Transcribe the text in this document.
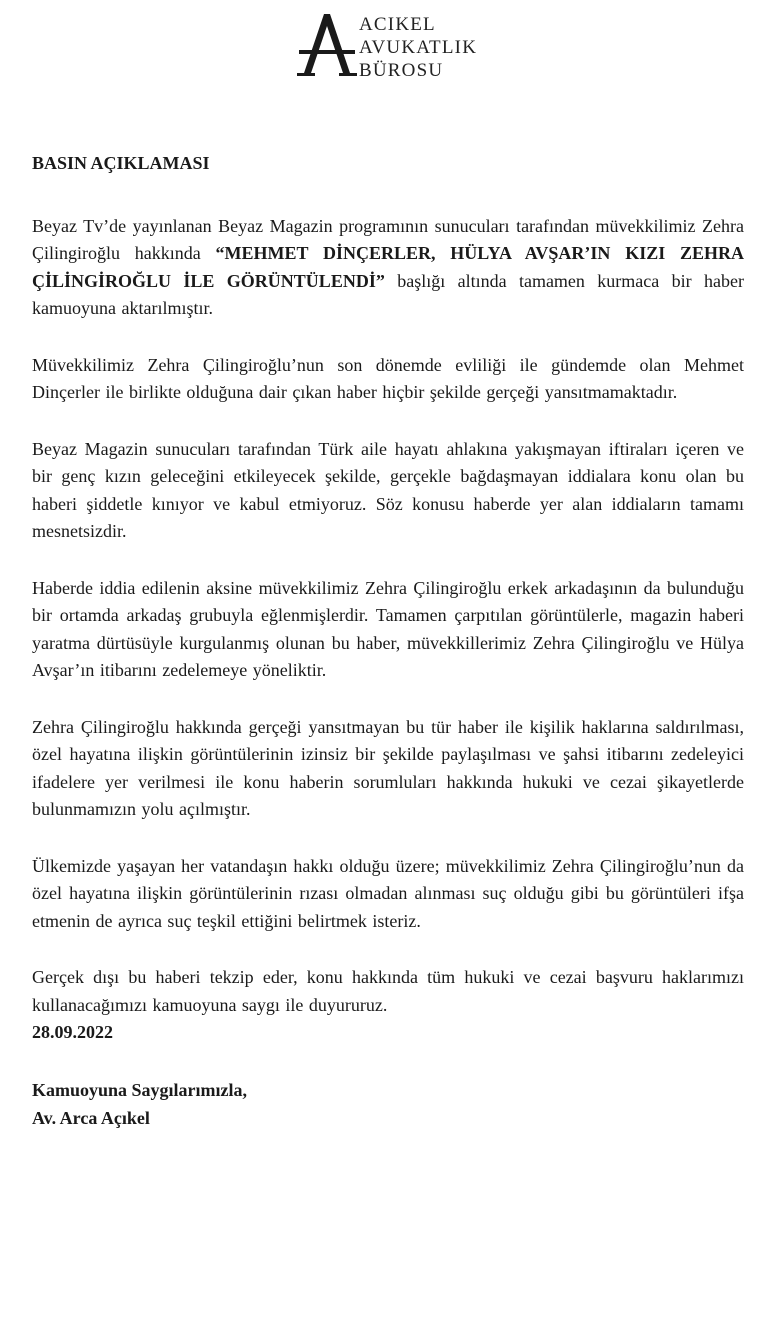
ACIKEL
AVUKATLIK
BÜROSU
BASIN AÇIKLAMASI
Beyaz Tv’de yayınlanan Beyaz Magazin programının sunucuları tarafından müvekkilimiz Zehra Çilingiroğlu hakkında “MEHMET DİNÇERLER, HÜLYA AVŞAR’IN KIZI ZEHRA ÇİLİNGİROĞLU İLE GÖRÜNTÜLENDİ” başlığı altında tamamen kurmaca bir haber kamuoyuna aktarılmıştır.
Müvekkilimiz Zehra Çilingiroğlu’nun son dönemde evliliği ile gündemde olan Mehmet Dinçerler ile birlikte olduğuna dair çıkan haber hiçbir şekilde gerçeği yansıtmamaktadır.
Beyaz Magazin sunucuları tarafından Türk aile hayatı ahlakına yakışmayan iftiraları içeren ve bir genç kızın geleceğini etkileyecek şekilde, gerçekle bağdaşmayan iddialara konu olan bu haberi şiddetle kınıyor ve kabul etmiyoruz. Söz konusu haberde yer alan iddiaların tamamı mesnetsizdir.
Haberde iddia edilenin aksine müvekkilimiz Zehra Çilingiroğlu erkek arkadaşının da bulunduğu bir ortamda arkadaş grubuyla eğlenmişlerdir. Tamamen çarpıtılan görüntülerle, magazin haberi yaratma dürtüsüyle kurgulanmış olunan bu haber, müvekkillerimiz Zehra Çilingiroğlu ve Hülya Avşar’ın itibarını zedelemeye yöneliktir.
Zehra Çilingiroğlu hakkında gerçeği yansıtmayan bu tür haber ile kişilik haklarına saldırılması, özel hayatına ilişkin görüntülerinin izinsiz bir şekilde paylaşılması ve şahsi itibarını zedeleyici ifadelere yer verilmesi ile konu haberin sorumluları hakkında hukuki ve cezai şikayetlerde bulunmamızın yolu açılmıştır.
Ülkemizde yaşayan her vatandaşın hakkı olduğu üzere; müvekkilimiz Zehra Çilingiroğlu’nun da özel hayatına ilişkin görüntülerinin rızası olmadan alınması suç olduğu gibi bu görüntüleri ifşa etmenin de ayrıca suç teşkil ettiğini belirtmek isteriz.
Gerçek dışı bu haberi tekzip eder, konu hakkında tüm hukuki ve cezai başvuru haklarımızı kullanacağımızı kamuoyuna saygı ile duyururuz.
28.09.2022
Kamuoyuna Saygılarımızla,
Av. Arca Açıkel
